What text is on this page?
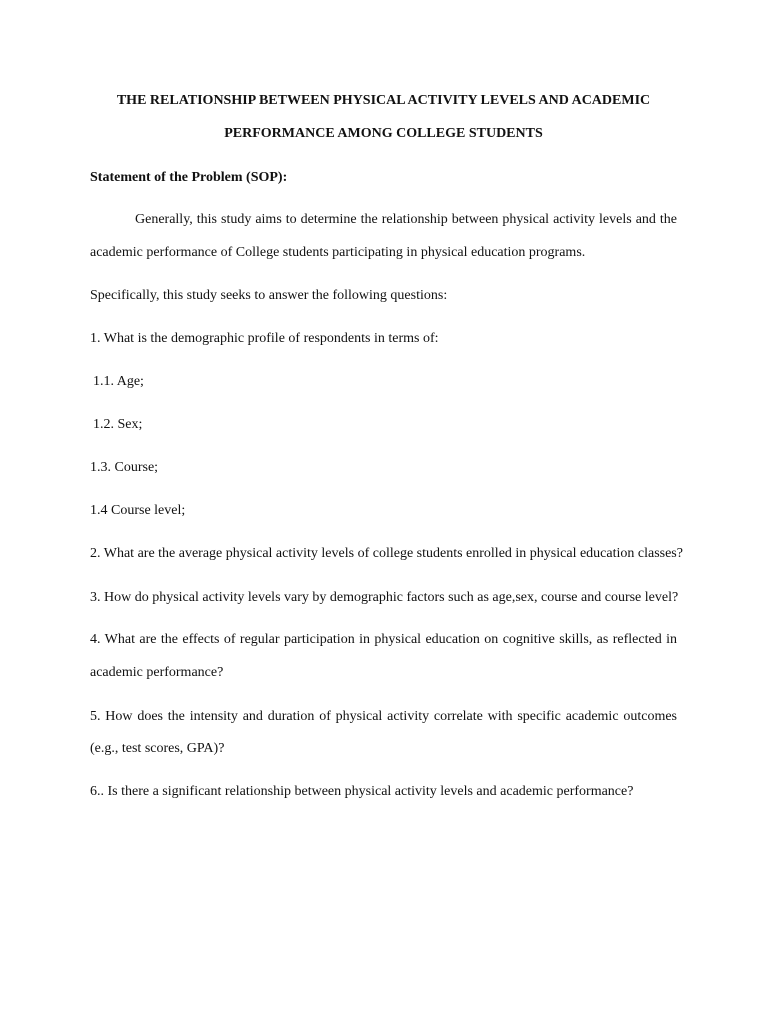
THE RELATIONSHIP BETWEEN PHYSICAL ACTIVITY LEVELS AND ACADEMIC
PERFORMANCE AMONG COLLEGE STUDENTS
Statement of the Problem (SOP):
Generally, this study aims to determine the relationship between physical activity levels and the
academic performance of College students participating in physical education programs.
Specifically, this study seeks to answer the following questions:
1. What is the demographic profile of respondents in terms of:
1.1. Age;
1.2. Sex;
1.3. Course;
1.4 Course level;
2. What are the average physical activity levels of college students enrolled in physical education classes?
3. How do physical activity levels vary by demographic factors such as age,sex, course and course level?
4. What are the effects of regular participation in physical education on cognitive skills, as reflected in
academic performance?
5. How does the intensity and duration of physical activity correlate with specific academic outcomes
(e.g., test scores, GPA)?
6.. Is there a significant relationship between physical activity levels and academic performance?
